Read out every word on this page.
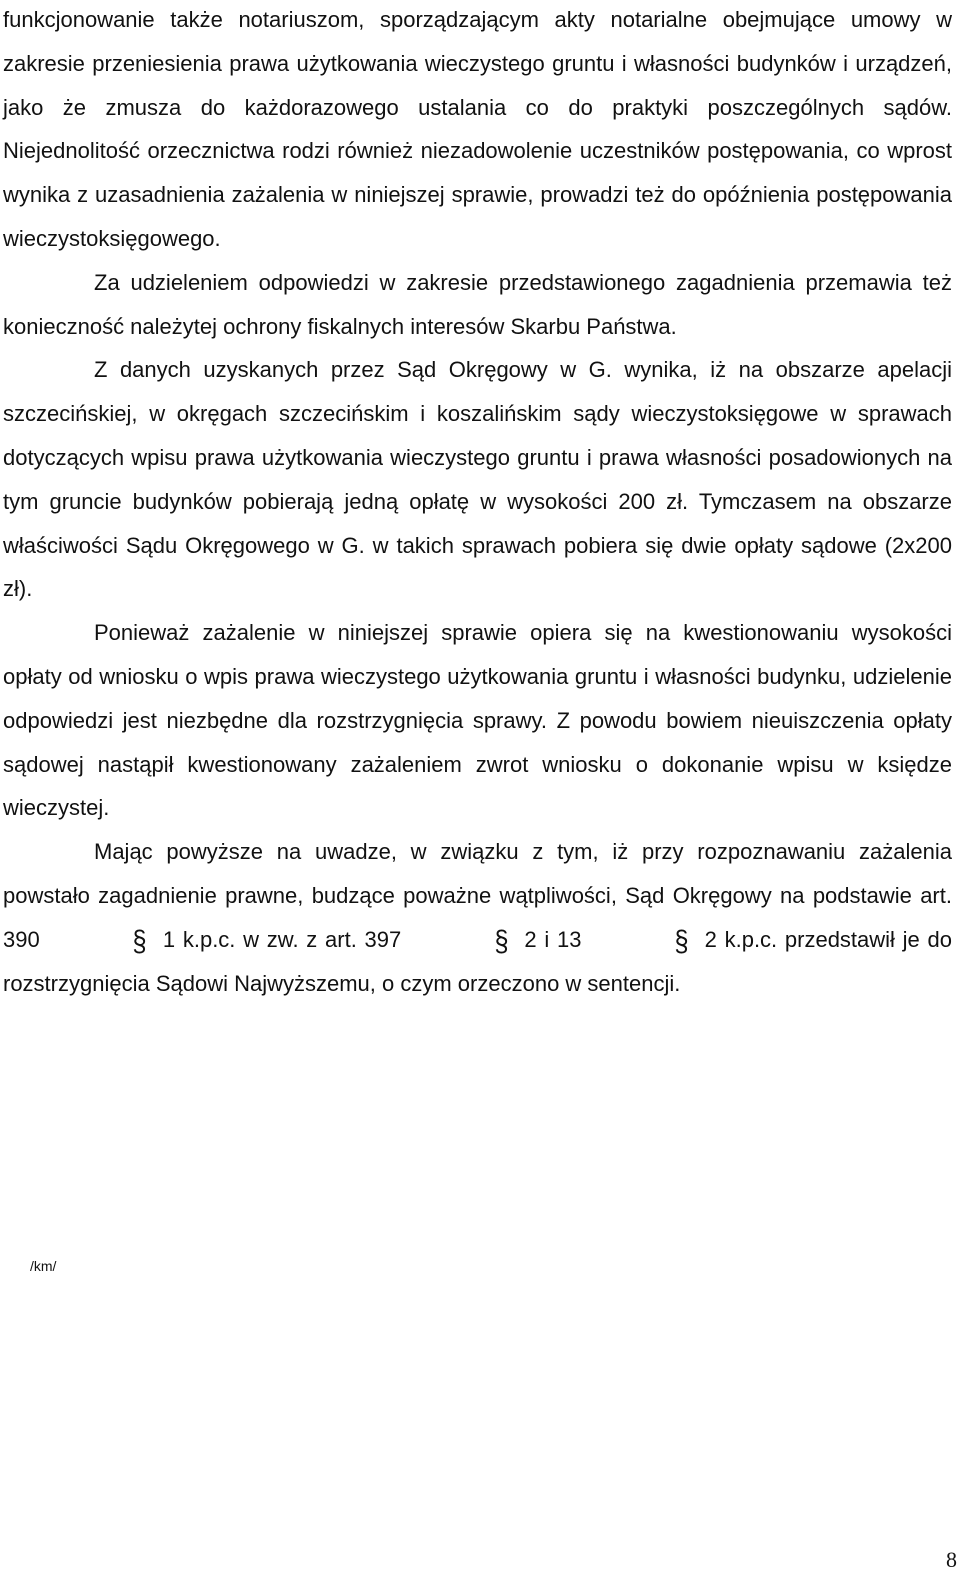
funkcjonowanie także notariuszom, sporządzającym akty notarialne obejmujące umowy w zakresie przeniesienia prawa użytkowania wieczystego gruntu i własności budynków i urządzeń, jako że zmusza do każdorazowego ustalania co do praktyki poszczególnych sądów. Niejednolitość orzecznictwa rodzi również niezadowolenie uczestników postępowania, co wprost wynika z uzasadnienia zażalenia w niniejszej sprawie, prowadzi też do opóźnienia postępowania wieczystoksięgowego.

Za udzieleniem odpowiedzi w zakresie przedstawionego zagadnienia przemawia też konieczność należytej ochrony fiskalnych interesów Skarbu Państwa.

Z danych uzyskanych przez Sąd Okręgowy w G. wynika, iż na obszarze apelacji szczecińskiej, w okręgach szczecińskim i koszalińskim sądy wieczystoksięgowe w sprawach dotyczących wpisu prawa użytkowania wieczystego gruntu i prawa własności posadowionych na tym gruncie budynków pobierają jedną opłatę w wysokości 200 zł. Tymczasem na obszarze właściwości Sądu Okręgowego w G. w takich sprawach pobiera się dwie opłaty sądowe (2x200 zł).

Ponieważ zażalenie w niniejszej sprawie opiera się na kwestionowaniu wysokości opłaty od wniosku o wpis prawa wieczystego użytkowania gruntu i własności budynku, udzielenie odpowiedzi jest niezbędne dla rozstrzygnięcia sprawy. Z powodu bowiem nieuiszczenia opłaty sądowej nastąpił kwestionowany zażaleniem zwrot wniosku o dokonanie wpisu w księdze wieczystej.

Mając powyższe na uwadze, w związku z tym, iż przy rozpoznawaniu zażalenia powstało zagadnienie prawne, budzące poważne wątpliwości, Sąd Okręgowy na podstawie art. 390	§ 1 k.p.c. w zw. z art. 397	§ 2 i 13	§ 2 k.p.c. przedstawił je do rozstrzygnięcia Sądowi Najwyższemu, o czym orzeczono w sentencji.

/km/
8
